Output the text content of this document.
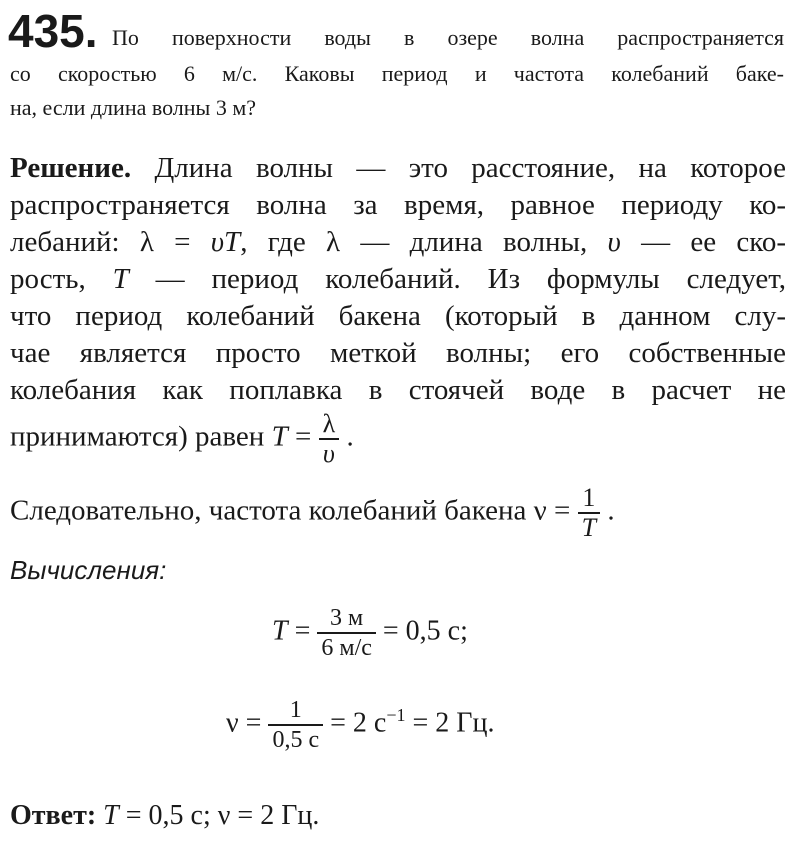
435. По поверхности воды в озере волна распространяется
со скоростью 6 м/с. Каковы период и частота колебаний баке-
на, если длина волны 3 м?
Решение. Длина волны — это расстояние, на которое
распространяется волна за время, равное периоду ко-
лебаний: λ = υT, где λ — длина волны, υ — ее ско-
рость, T — период колебаний. Из формулы следует,
что период колебаний бакена (который в данном слу-
чае является просто меткой волны; его собственные
колебания как поплавка в стоячей воде в расчет не
принимаются) равен $T = \frac{\lambda}{\upsilon}$ .
Следовательно, частота колебаний бакена $\nu = \frac{1}{T}$ .
Вычисления:
$T = \frac{3 м}{6 м/с} = 0,5$ с;
$\nu = \frac{1}{0,5 с} = 2$ $с^{-1} = 2$ Гц.
Ответ: T = 0,5 с; ν = 2 Гц.
